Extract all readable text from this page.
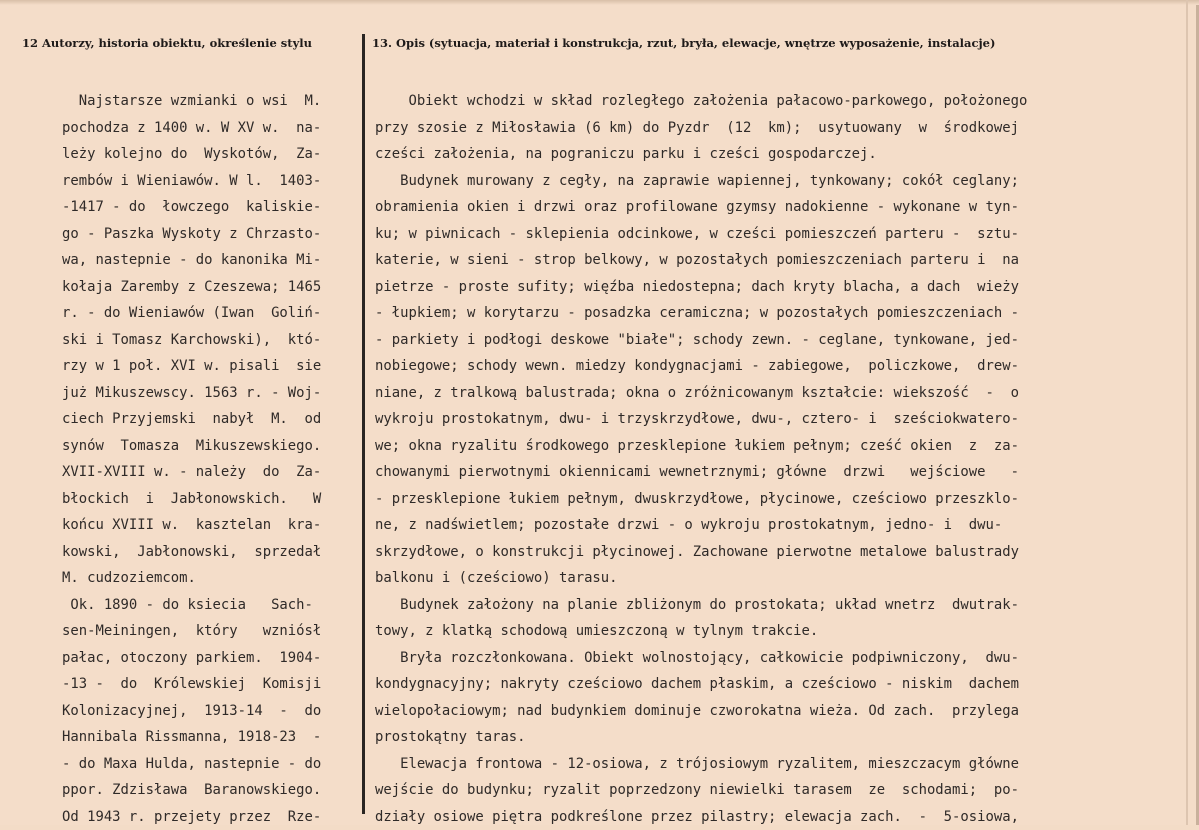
12 Autorzy, historia obiektu, określenie stylu	13. Opis (sytuacja, materiał i konstrukcja, rzut, bryła, elewacje, wnętrze wyposażenie, instalacje)
Najstarsze wzmianki o wsi  M.
pochodza z 1400 w. W XV w.  na-
leży kolejno do  Wyskotów,  Za-
rembów i Wieniawów. W l.  1403-
-1417 - do  łowczego  kaliskie-
go - Paszka Wyskoty z Chrzasto-
wa, nastepnie - do kanonika Mi-
kołaja Zaremby z Czeszewa; 1465
r. - do Wieniawów (Iwan  Goliń-
ski i Tomasz Karchowski),  któ-
rzy w 1 poł. XVI w. pisali  sie
już Mikuszewscy. 1563 r. - Woj-
ciech Przyjemski  nabył  M.  od
synów  Tomasza  Mikuszewskiego.
XVII-XVIII w. - należy  do  Za-
błockich  i  Jabłonowskich.   W
końcu XVIII w.  kasztelan  kra-
kowski,  Jabłonowski,  sprzedał
M. cudzoziemcom.
Ok. 1890 - do ksiecia   Sach-
sen-Meiningen,  który   wzniósł
pałac, otoczony parkiem.  1904-
-13 -  do  Królewskiej  Komisji
Kolonizacyjnej,  1913-14  -  do
Hannibala Rissmanna, 1918-23  -
- do Maxa Hulda, nastepnie - do
ppor. Zdzisława  Baranowskiego.
Od 1943 r. przejety przez  Rze-
Obiekt wchodzi w skład rozległego założenia pałacowo-parkowego, położonego
przy szosie z Miłosławia (6 km) do Pyzdr  (12  km);  usytuowany  w  środkowej
cześci założenia, na pograniczu parku i cześci gospodarczej.
Budynek murowany z cegły, na zaprawie wapiennej, tynkowany; cokół ceglany;
obramienia okien i drzwi oraz profilowane gzymsy nadokienne - wykonane w tyn-
ku; w piwnicach - sklepienia odcinkowe, w cześci pomieszczeń parteru -  sztu-
katerie, w sieni - strop belkowy, w pozostałych pomieszczeniach parteru i  na
pietrze - proste sufity; więźba niedostepna; dach kryty blacha, a dach  wieży
- łupkiem; w korytarzu - posadzka ceramiczna; w pozostałych pomieszczeniach -
- parkiety i podłogi deskowe "białe"; schody zewn. - ceglane, tynkowane, jed-
nobiegowe; schody wewn. miedzy kondygnacjami - zabiegowe,  policzkowe,  drew-
niane, z tralkową balustrada; okna o zróżnicowanym kształcie: wiekszość  -  o
wykroju prostokatnym, dwu- i trzyskrzydłowe, dwu-, cztero- i  sześciokwatero-
we; okna ryzalitu środkowego przesklepione łukiem pełnym; cześć okien  z  za-
chowanymi pierwotnymi okiennicami wewnetrznymi; główne  drzwi   wejściowe   -
- przesklepione łukiem pełnym, dwuskrzydłowe, płycinowe, cześciowo przeszklo-
ne, z nadświetlem; pozostałe drzwi - o wykroju prostokatnym, jedno- i  dwu-
skrzydłowe, o konstrukcji płycinowej. Zachowane pierwotne metalowe balustrady
balkonu i (cześciowo) tarasu.
Budynek założony na planie zbliżonym do prostokata; układ wnetrz  dwutrak-
towy, z klatką schodową umieszczoną w tylnym trakcie.
Bryła rozczłonkowana. Obiekt wolnostojący, całkowicie podpiwniczony,  dwu-
kondygnacyjny; nakryty cześciowo dachem płaskim, a cześciowo - niskim  dachem
wielopołaciowym; nad budynkiem dominuje czworokatna wieża. Od zach.  przylega
prostokątny taras.
Elewacja frontowa - 12-osiowa, z trójosiowym ryzalitem, mieszczacym główne
wejście do budynku; ryzalit poprzedzony niewielki tarasem  ze  schodami;  po-
działy osiowe piętra podkreślone przez pilastry; elewacja zach.  -  5-osiowa,
